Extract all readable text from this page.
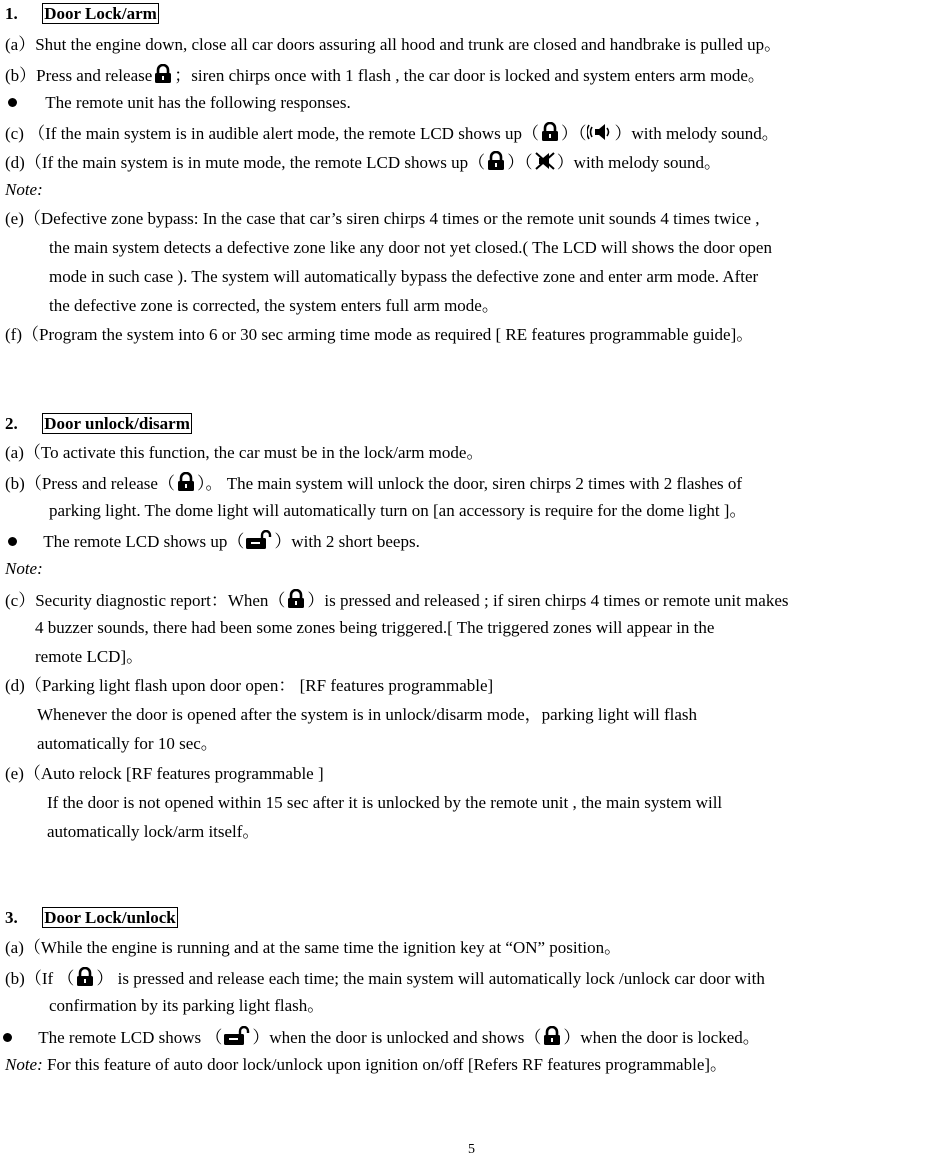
1. Door Lock/arm
(a）Shut the engine down, close all car doors assuring all hood and trunk are closed and handbrake is pulled up。
(b）Press and release ；siren chirps once with 1 flash , the car door is locked and system enters arm mode。
The remote unit has the following responses.
(c) （If the main system is in audible alert mode, the remote LCD shows up（ ）（ ）with melody sound。
(d)（If the main system is in mute mode, the remote LCD shows up（ ）（ ）with melody sound。
Note:
(e)（Defective zone bypass: In the case that car’s siren chirps 4 times or the remote unit sounds 4 times twice ,
the main system detects a defective zone like any door not yet closed.( The LCD will shows the door open
mode in such case ). The system will automatically bypass the defective zone and enter arm mode. After
the defective zone is corrected, the system enters full arm mode。
(f)（Program the system into 6 or 30 sec arming time mode as required [ RE features programmable guide]。
2. Door unlock/disarm
(a)（To activate this function, the car must be in the lock/arm mode。
(b)（Press and release（ ）。 The main system will unlock the door, siren chirps 2 times with 2 flashes of
parking light. The dome light will automatically turn on [an accessory is require for the dome light ]。
The remote LCD shows up（ ）with 2 short beeps.
Note:
(c）Security diagnostic report：When（ ）is pressed and released ; if siren chirps 4 times or remote unit makes
4 buzzer sounds, there had been some zones being triggered.[ The triggered zones will appear in the
remote LCD]。
(d)（Parking light flash upon door open： [RF features programmable]
Whenever the door is opened after the system is in unlock/disarm mode，parking light will flash
automatically for 10 sec。
(e)（Auto relock [RF features programmable ]
If the door is not opened within 15 sec after it is unlocked by the remote unit , the main system will
automatically lock/arm itself。
3. Door Lock/unlock
(a)（While the engine is running and at the same time the ignition key at “ON” position。
(b)（If （ ） is pressed and release each time; the main system will automatically lock /unlock car door with
confirmation by its parking light flash。
The remote LCD shows （ ）when the door is unlocked and shows（ ）when the door is locked。
Note: For this feature of auto door lock/unlock upon ignition on/off [Refers RF features programmable]。
5
